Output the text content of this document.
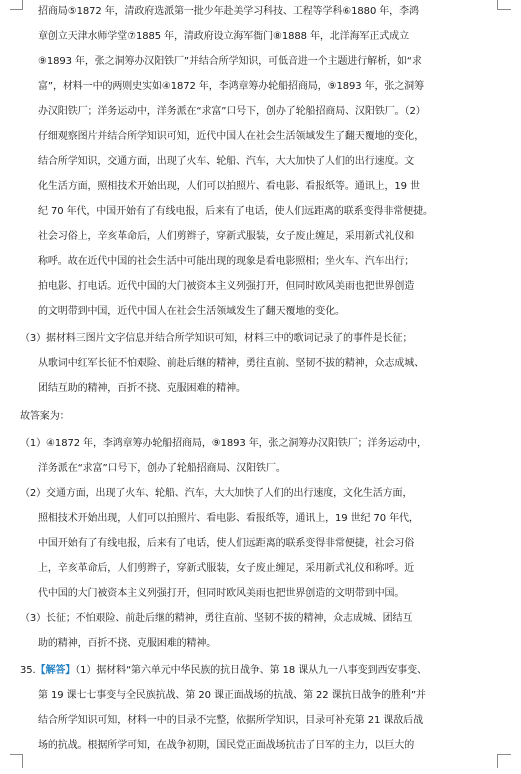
招商局⑤1872 年，清政府选派第一批少年赴美学习科技、工程等学科⑥1880 年，李鸿
章创立天津水师学堂⑦1885 年，清政府设立海军衙门⑧1888 年，北洋海军正式成立
⑨1893 年，张之洞筹办汉阳铁厂”并结合所学知识，可低音进一个主题进行解析，如“求
富”，材料一中的两则史实如④1872 年，李鸿章筹办轮船招商局，⑨1893 年，张之洞筹
办汉阳铁厂；洋务运动中，洋务派在“求富”口号下，创办了轮船招商局、汉阳铁厂。（2）
仔细观察图片并结合所学知识可知，近代中国人在社会生活领域发生了翻天覆地的变化，
结合所学知识，交通方面，出现了火车、轮船、汽车，大大加快了人们的出行速度。文
化生活方面，照相技术开始出现，人们可以拍照片、看电影、看报纸等。通讯上，19 世
纪 70 年代，中国开始有了有线电报，后来有了电话，使人们远距离的联系变得非常便捷。
社会习俗上，辛亥革命后，人们剪辫子，穿新式服装，女子废止缠足，采用新式礼仪和
称呼。故在近代中国的社会生活中可能出现的现象是看电影照相；坐火车、汽车出行；
拍电影、打电话。近代中国的大门被资本主义列强打开，但同时欧风美雨也把世界创造
的文明带到中国，近代中国人在社会生活领域发生了翻天覆地的变化。
（3）据材料三图片文字信息并结合所学知识可知，材料三中的歌词记录了的事件是长征；
从歌词中红军长征不怕艰险、前赴后继的精神，勇往直前、坚韧不拔的精神，众志成城、
团结互助的精神，百折不挠、克服困难的精神。
故答案为：
（1）④1872 年，李鸿章筹办轮船招商局，⑨1893 年，张之洞筹办汉阳铁厂；洋务运动中，
洋务派在“求富”口号下，创办了轮船招商局、汉阳铁厂。
（2）交通方面，出现了火车、轮船、汽车，大大加快了人们的出行速度，文化生活方面，
照相技术开始出现，人们可以拍照片、看电影、看报纸等，通讯上，19 世纪 70 年代，
中国开始有了有线电报，后来有了电话，使人们远距离的联系变得非常便捷，社会习俗
上，辛亥革命后，人们剪辫子，穿新式服装，女子废止缠足，采用新式礼仪和称呼。近
代中国的大门被资本主义列强打开，但同时欧风美雨也把世界创造的文明带到中国。
（3）长征；不怕艰险、前赴后继的精神，勇往直前、坚韧不拔的精神，众志成城、团结互
助的精神，百折不挠、克服困难的精神。
35.【解答】（1）据材料“第六单元中华民族的抗日战争、第 18 课从九一八事变到西安事变、
第 19 课七七事变与全民族抗战、第 20 课正面战场的抗战、第 22 课抗日战争的胜利”并
结合所学知识可知，材料一中的目录不完整，依据所学知识，目录可补充第 21 课敌后战
场的抗战。根据所学可知，在战争初期，国民党正面战场抗击了日军的主力，以巨大的
